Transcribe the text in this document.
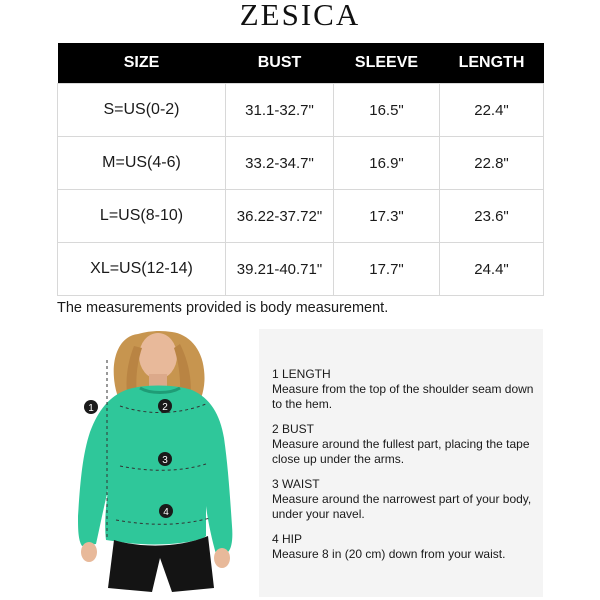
ZESICA
SIZE	BUST	SLEEVE	LENGTH
S=US(0-2)	31.1-32.7"	16.5"	22.4"
M=US(4-6)	33.2-34.7"	16.9"	22.8"
L=US(8-10)	36.22-37.72"	17.3"	23.6"
XL=US(12-14)	39.21-40.71"	17.7"	24.4"
The measurements provided is body measurement.
1	2
3
4
1 LENGTH
Measure from the top of the shoulder seam down to the hem.
2 BUST
Measure around the fullest part, placing the tape close up under the arms.
3 WAIST
Measure around the narrowest part of your body, under your navel.
4 HIP
Measure 8 in (20 cm) down from your waist.
